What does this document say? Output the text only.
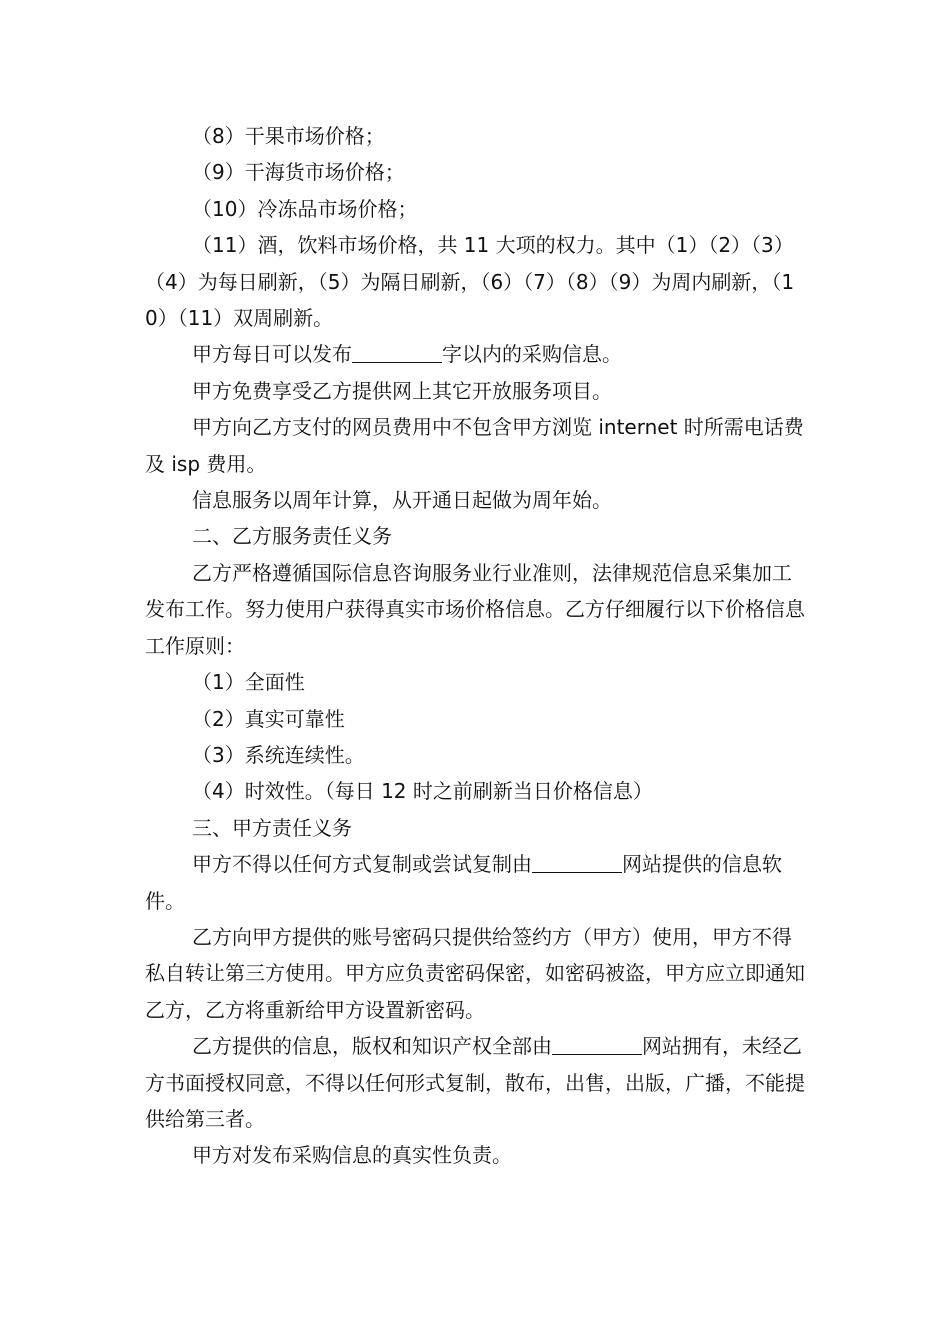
（8）干果市场价格；

（9）干海货市场价格；

（10）冷冻品市场价格；

（11）酒，饮料市场价格，共 11 大项的权力。其中（1）（2）（3）（4）为每日刷新，（5）为隔日刷新，（6）（7）（8）（9）为周内刷新，（10）（11）双周刷新。

甲方每日可以发布	字以内的采购信息。

甲方免费享受乙方提供网上其它开放服务项目。

甲方向乙方支付的网员费用中不包含甲方浏览 internet 时所需电话费及 isp 费用。

信息服务以周年计算，从开通日起做为周年始。

二、乙方服务责任义务

乙方严格遵循国际信息咨询服务业行业准则，法律规范信息采集加工发布工作。努力使用户获得真实市场价格信息。乙方仔细履行以下价格信息工作原则：

（1）全面性

（2）真实可靠性

（3）系统连续性。

（4）时效性。（每日 12 时之前刷新当日价格信息）

三、甲方责任义务

甲方不得以任何方式复制或尝试复制由	网站提供的信息软件。

乙方向甲方提供的账号密码只提供给签约方（甲方）使用，甲方不得私自转让第三方使用。甲方应负责密码保密，如密码被盗，甲方应立即通知乙方，乙方将重新给甲方设置新密码。

乙方提供的信息，版权和知识产权全部由	网站拥有，未经乙方书面授权同意，不得以任何形式复制，散布，出售，出版，广播，不能提供给第三者。

甲方对发布采购信息的真实性负责。
